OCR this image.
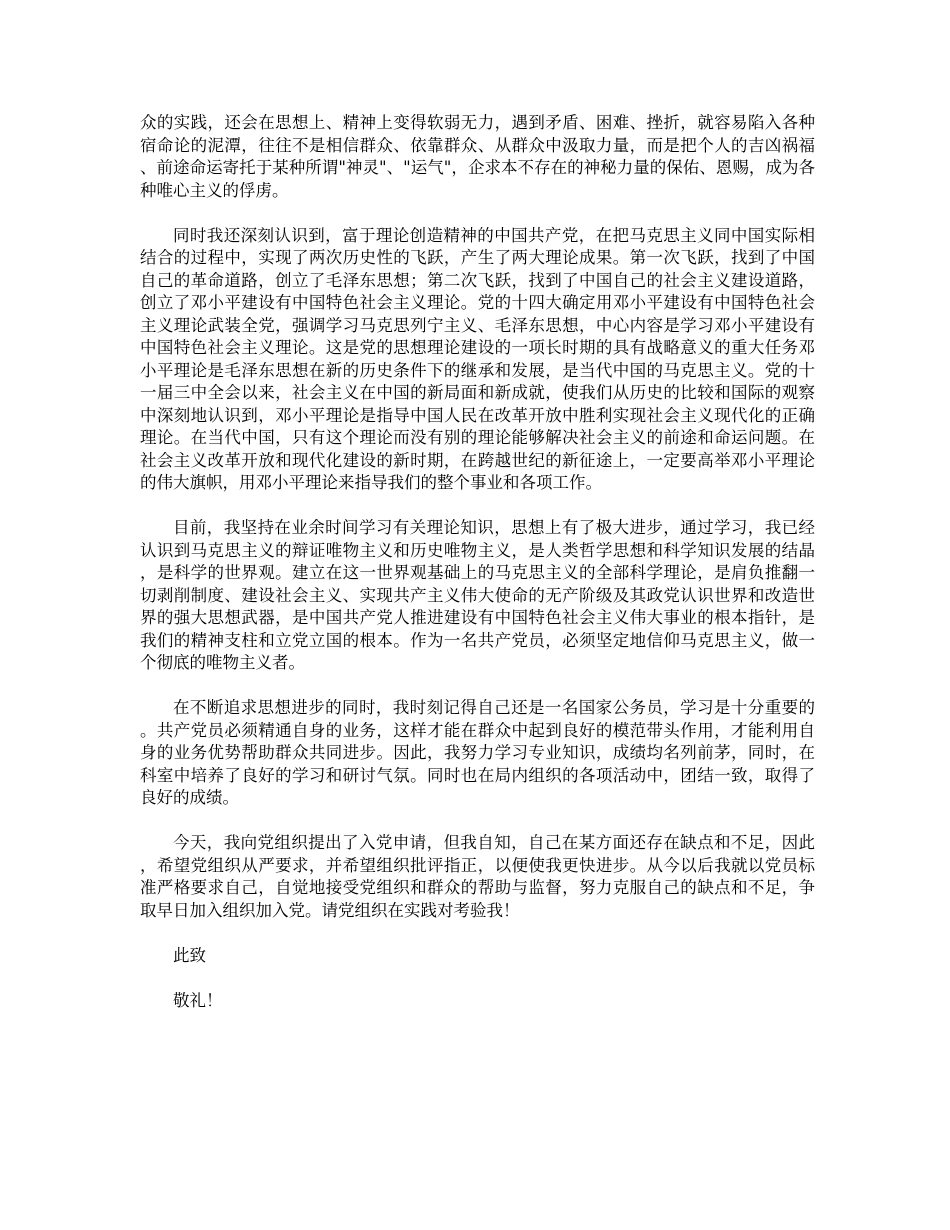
众的实践，还会在思想上、精神上变得软弱无力，遇到矛盾、困难、挫折，就容易陷入各种宿命论的泥潭，往往不是相信群众、依靠群众、从群众中汲取力量，而是把个人的吉凶祸福、前途命运寄托于某种所谓"神灵"、"运气"，企求本不存在的神秘力量的保佑、恩赐，成为各种唯心主义的俘虏。

同时我还深刻认识到，富于理论创造精神的中国共产党，在把马克思主义同中国实际相结合的过程中，实现了两次历史性的飞跃，产生了两大理论成果。第一次飞跃，找到了中国自己的革命道路，创立了毛泽东思想；第二次飞跃，找到了中国自己的社会主义建设道路，创立了邓小平建设有中国特色社会主义理论。党的十四大确定用邓小平建设有中国特色社会主义理论武装全党，强调学习马克思列宁主义、毛泽东思想，中心内容是学习邓小平建设有中国特色社会主义理论。这是党的思想理论建设的一项长时期的具有战略意义的重大任务邓小平理论是毛泽东思想在新的历史条件下的继承和发展，是当代中国的马克思主义。党的十一届三中全会以来，社会主义在中国的新局面和新成就，使我们从历史的比较和国际的观察中深刻地认识到，邓小平理论是指导中国人民在改革开放中胜利实现社会主义现代化的正确理论。在当代中国，只有这个理论而没有别的理论能够解决社会主义的前途和命运问题。在社会主义改革开放和现代化建设的新时期，在跨越世纪的新征途上，一定要高举邓小平理论的伟大旗帜，用邓小平理论来指导我们的整个事业和各项工作。

目前，我坚持在业余时间学习有关理论知识，思想上有了极大进步，通过学习，我已经认识到马克思主义的辩证唯物主义和历史唯物主义，是人类哲学思想和科学知识发展的结晶，是科学的世界观。建立在这一世界观基础上的马克思主义的全部科学理论，是肩负推翻一切剥削制度、建设社会主义、实现共产主义伟大使命的无产阶级及其政党认识世界和改造世界的强大思想武器，是中国共产党人推进建设有中国特色社会主义伟大事业的根本指针，是我们的精神支柱和立党立国的根本。作为一名共产党员，必须坚定地信仰马克思主义，做一个彻底的唯物主义者。

在不断追求思想进步的同时，我时刻记得自己还是一名国家公务员，学习是十分重要的。共产党员必须精通自身的业务，这样才能在群众中起到良好的模范带头作用，才能利用自身的业务优势帮助群众共同进步。因此，我努力学习专业知识，成绩均名列前茅，同时，在科室中培养了良好的学习和研讨气氛。同时也在局内组织的各项活动中，团结一致，取得了良好的成绩。

今天，我向党组织提出了入党申请，但我自知，自己在某方面还存在缺点和不足，因此，希望党组织从严要求，并希望组织批评指正，以便使我更快进步。从今以后我就以党员标准严格要求自己，自觉地接受党组织和群众的帮助与监督，努力克服自己的缺点和不足，争取早日加入组织加入党。请党组织在实践对考验我！

此致

敬礼！
